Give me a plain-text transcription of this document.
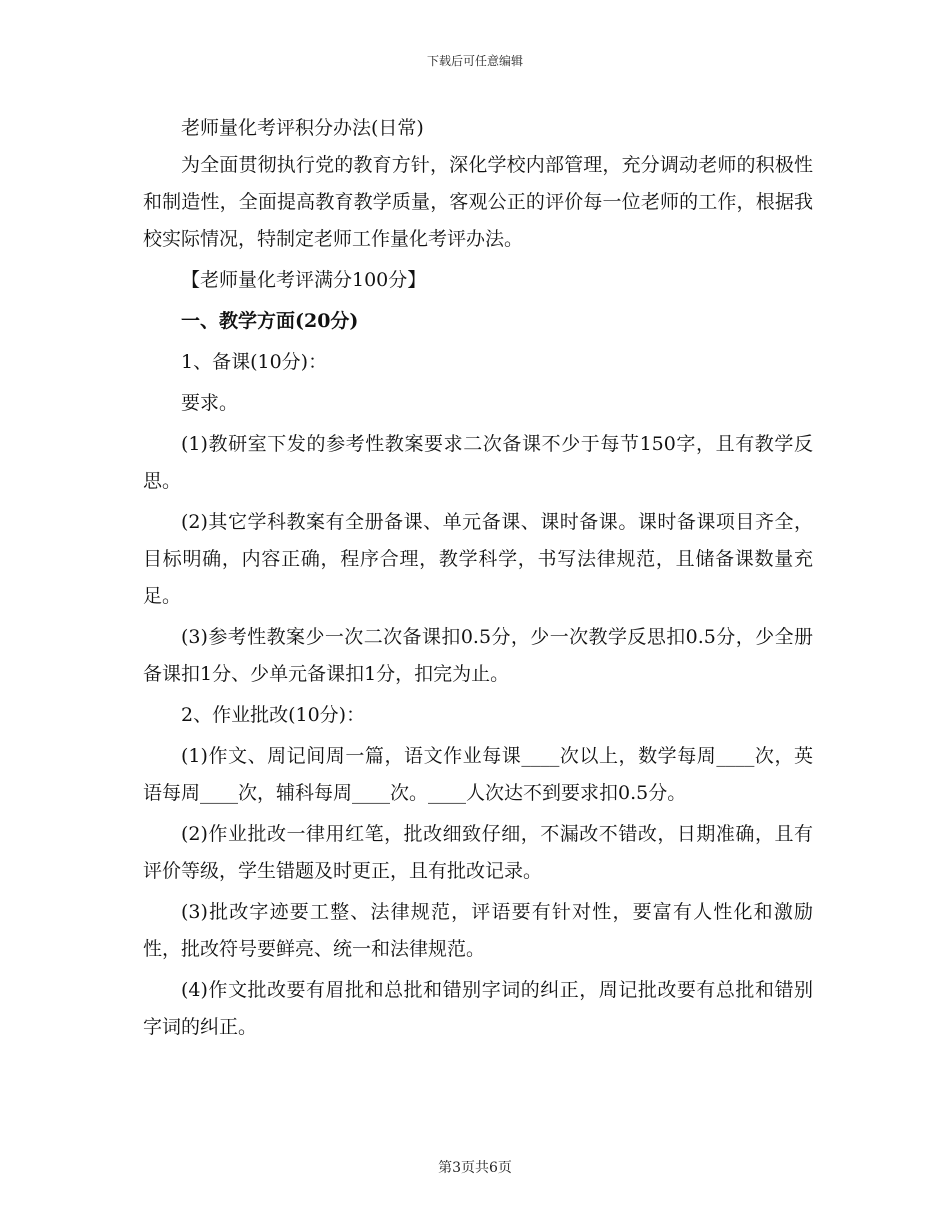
下载后可任意编辑

老师量化考评积分办法(日常)

为全面贯彻执行党的教育方针，深化学校内部管理，充分调动老师的积极性和制造性，全面提高教育教学质量，客观公正的评价每一位老师的工作，根据我校实际情况，特制定老师工作量化考评办法。

【老师量化考评满分100分】

一、教学方面(20分)

1、备课(10分)：

要求。

(1)教研室下发的参考性教案要求二次备课不少于每节150字，且有教学反思。

(2)其它学科教案有全册备课、单元备课、课时备课。课时备课项目齐全，目标明确，内容正确，程序合理，教学科学，书写法律规范，且储备课数量充足。

(3)参考性教案少一次二次备课扣0.5分，少一次教学反思扣0.5分，少全册备课扣1分、少单元备课扣1分，扣完为止。

2、作业批改(10分)：

(1)作文、周记间周一篇，语文作业每课____次以上，数学每周____次，英语每周____次，辅科每周____次。____人次达不到要求扣0.5分。

(2)作业批改一律用红笔，批改细致仔细，不漏改不错改，日期准确，且有评价等级，学生错题及时更正，且有批改记录。

(3)批改字迹要工整、法律规范，评语要有针对性，要富有人性化和激励性，批改符号要鲜亮、统一和法律规范。

(4)作文批改要有眉批和总批和错别字词的纠正，周记批改要有总批和错别字词的纠正。

第3页共6页
